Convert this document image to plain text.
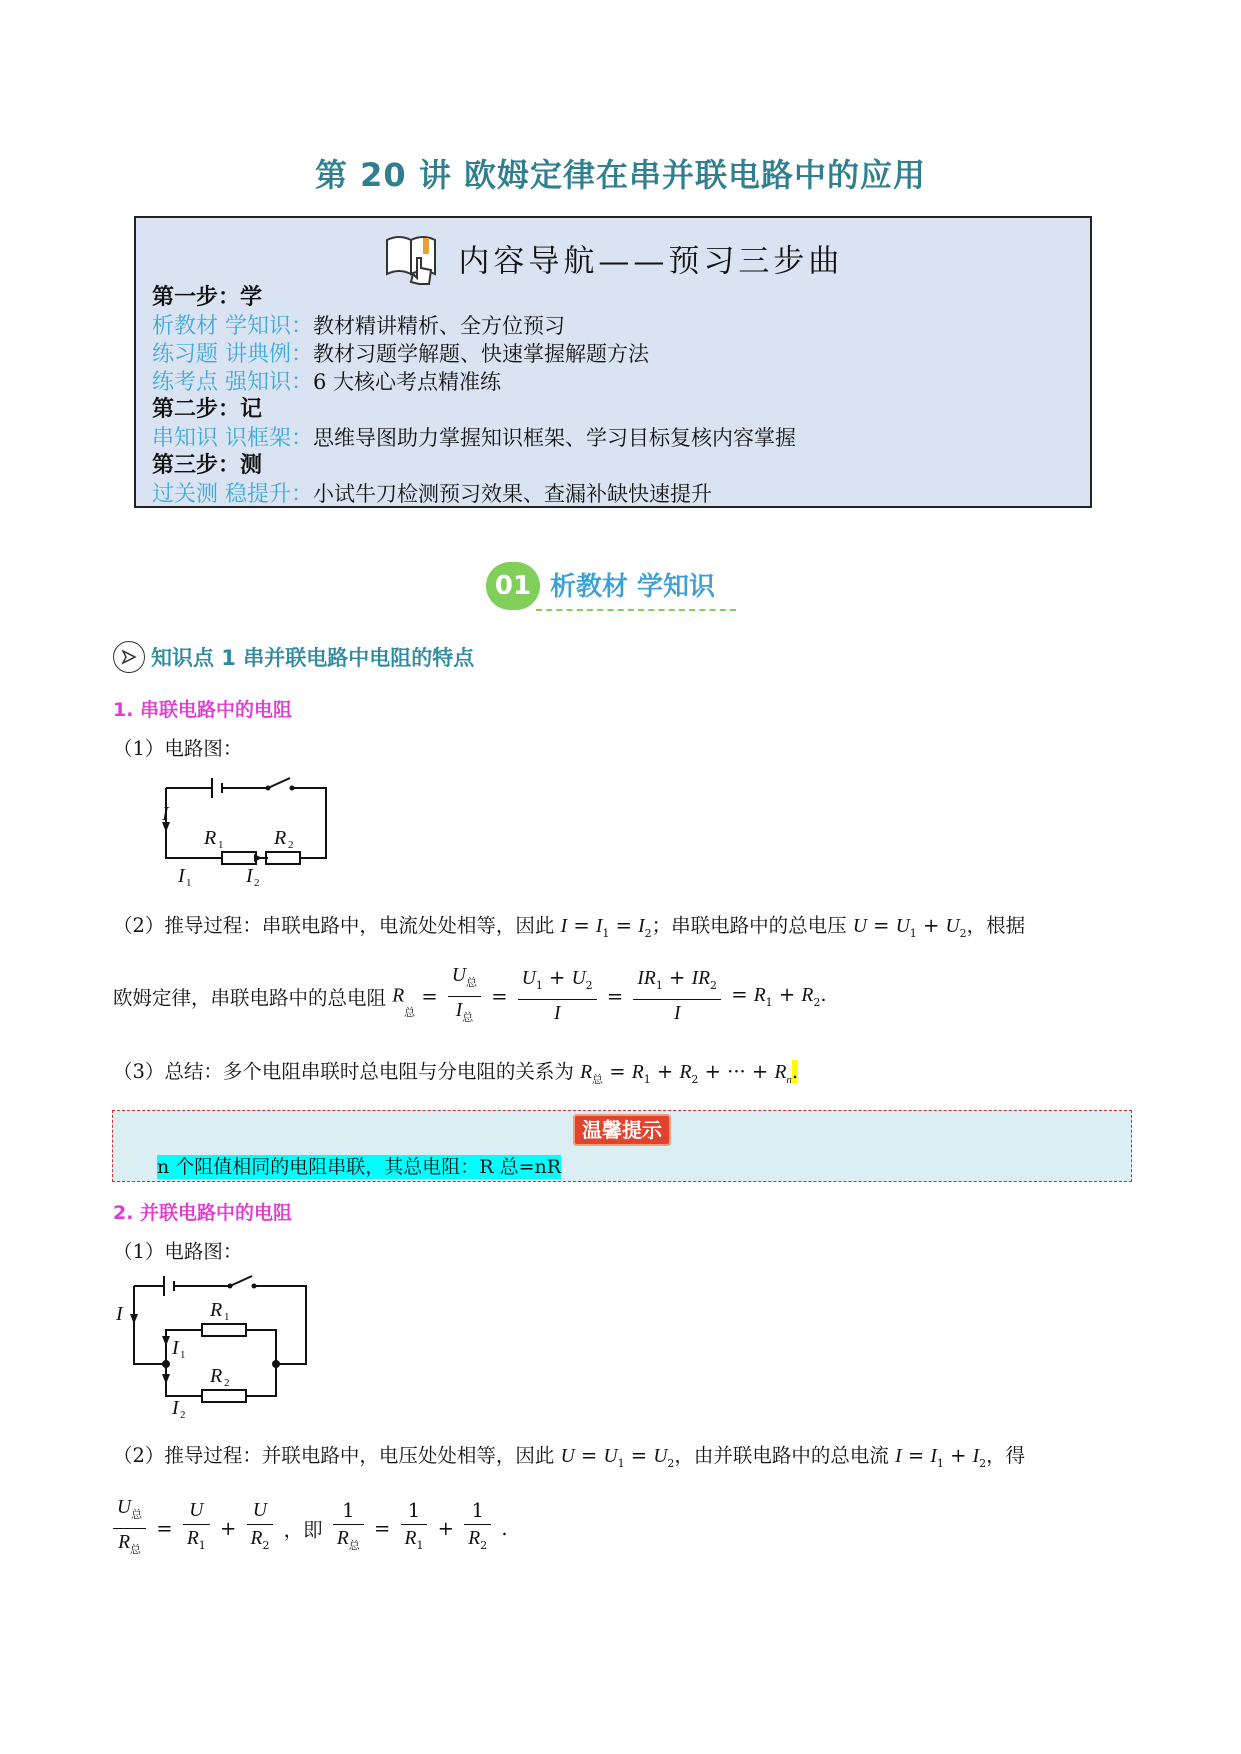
第 20 讲 欧姆定律在串并联电路中的应用
内容导航——预习三步曲
第一步：学
析教材 学知识：教材精讲精析、全方位预习
练习题 讲典例：教材习题学解题、快速掌握解题方法
练考点 强知识：6 大核心考点精准练
第二步：记
串知识 识框架：思维导图助力掌握知识框架、学习目标复核内容掌握
第三步：测
过关测 稳提升：小试牛刀检测预习效果、查漏补缺快速提升
01 析教材 学知识
知识点 1 串并联电路中电阻的特点
1. 串联电路中的电阻
（1）电路图：
I
R 1	R 2
I 1	I 2
（2）推导过程：串联电路中，电流处处相等，因此 $I = I_1 = I_2$；串联电路中的总电压 $U = U_1 + U_2$，根据
欧姆定律，串联电路中的总电阻 $R_总 = \frac{U_总}{I_总} = \frac{U_1 + U_2}{I} = \frac{IR_1 + IR_2}{I} = R_1 + R_2$.
（3）总结：多个电阻串联时总电阻与分电阻的关系为 $R_总 = R_1 + R_2$ + ··· + $R_n$.
温馨提示
n 个阻值相同的电阻串联，其总电阻：R 总=nR
2. 并联电路中的电阻
（1）电路图：
I	R 1
R 2
I 1
I 2
（2）推导过程：并联电路中，电压处处相等，因此 $U = U_1 = U_2$，由并联电路中的总电流 $I = I_1 + I_2$，得
$\frac{U_总}{R_总} = \frac{U}{R_1} + \frac{U}{R_2}$ ，即 $\frac{1}{R_总} = \frac{1}{R_1} + \frac{1}{R_2}$ .
